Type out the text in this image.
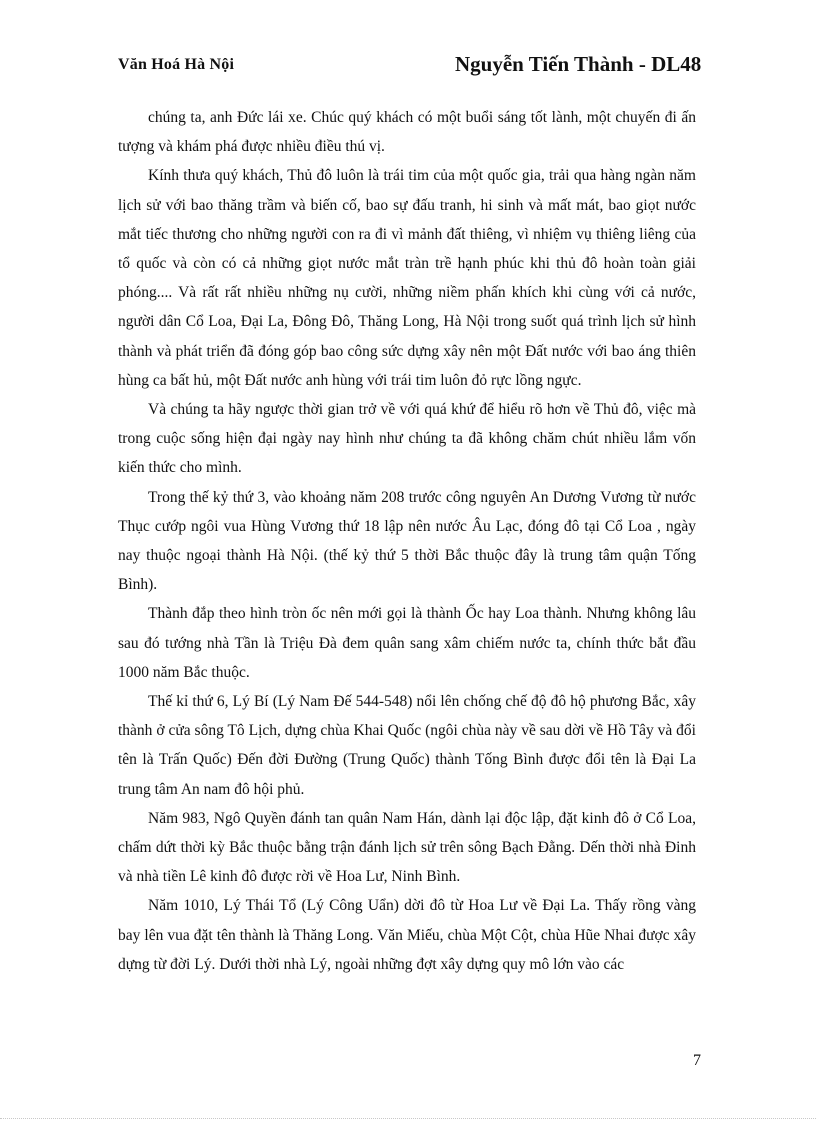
Văn Hoá Hà Nội	Nguyễn Tiến Thành - DL48

chúng ta, anh Đức lái xe. Chúc quý khách có một buổi sáng tốt lành, một chuyến đi ấn tượng và khám phá được nhiều điều thú vị.

Kính thưa quý khách, Thủ đô luôn là trái tim của một quốc gia, trải qua hàng ngàn năm lịch sử với bao thăng trầm và biến cố, bao sự đấu tranh, hi sinh và mất mát, bao giọt nước mắt tiếc thương cho những người con ra đi vì mảnh đất thiêng, vì nhiệm vụ thiêng liêng của tổ quốc và còn có cả những giọt nước mắt tràn trề hạnh phúc khi thủ đô hoàn toàn giải phóng.... Và rất rất nhiều những nụ cười, những niềm phấn khích khi cùng với cả nước, người dân Cổ Loa, Đại La, Đông Đô, Thăng Long, Hà Nội trong suốt quá trình lịch sử hình thành và phát triển đã đóng góp bao công sức dựng xây nên một Đất nước với bao áng thiên hùng ca bất hủ, một Đất nước anh hùng với trái tim luôn đỏ rực lồng ngực.

Và chúng ta hãy ngược thời gian trở về với quá khứ để hiểu rõ hơn về Thủ đô, việc mà trong cuộc sống hiện đại ngày nay hình như chúng ta đã không chăm chút nhiều lắm vốn kiến thức cho mình.

Trong thế kỷ thứ 3, vào khoảng năm 208 trước công nguyên An Dương Vương từ nước Thục cướp ngôi vua Hùng Vương thứ 18 lập nên nước Âu Lạc, đóng đô tại Cổ Loa , ngày nay thuộc ngoại thành Hà Nội. (thế kỷ thứ 5 thời Bắc thuộc đây là trung tâm quận Tống Bình).

Thành đắp theo hình tròn ốc nên mới gọi là thành Ốc hay Loa thành. Nhưng không lâu sau đó tướng nhà Tần là Triệu Đà đem quân sang xâm chiếm nước ta, chính thức bắt đầu 1000 năm Bắc thuộc.

Thế kỉ thứ 6, Lý Bí (Lý Nam Đế 544-548) nổi lên chống chế độ đô hộ phương Bắc, xây thành ở cửa sông Tô Lịch, dựng chùa Khai Quốc (ngôi chùa này về sau dời về Hồ Tây và đổi tên là Trấn Quốc) Đến đời Đường (Trung Quốc) thành Tống Bình được đổi tên là Đại La trung tâm An nam đô hội phủ.

Năm 983, Ngô Quyền đánh tan quân Nam Hán, dành lại độc lập, đặt kinh đô ở Cổ Loa, chấm dứt thời kỳ Bắc thuộc bằng trận đánh lịch sử trên sông Bạch Đằng. Dến thời nhà Đinh và nhà tiền Lê kinh đô được rời về Hoa Lư, Ninh Bình.

Năm 1010, Lý Thái Tổ (Lý Công Uẩn) dời đô từ Hoa Lư về Đại La. Thấy rồng vàng bay lên vua đặt tên thành là Thăng Long. Văn Miếu, chùa Một Cột, chùa Hũe Nhai được xây dựng từ đời Lý. Dưới thời nhà Lý, ngoài những đợt xây dựng quy mô lớn vào các

7
